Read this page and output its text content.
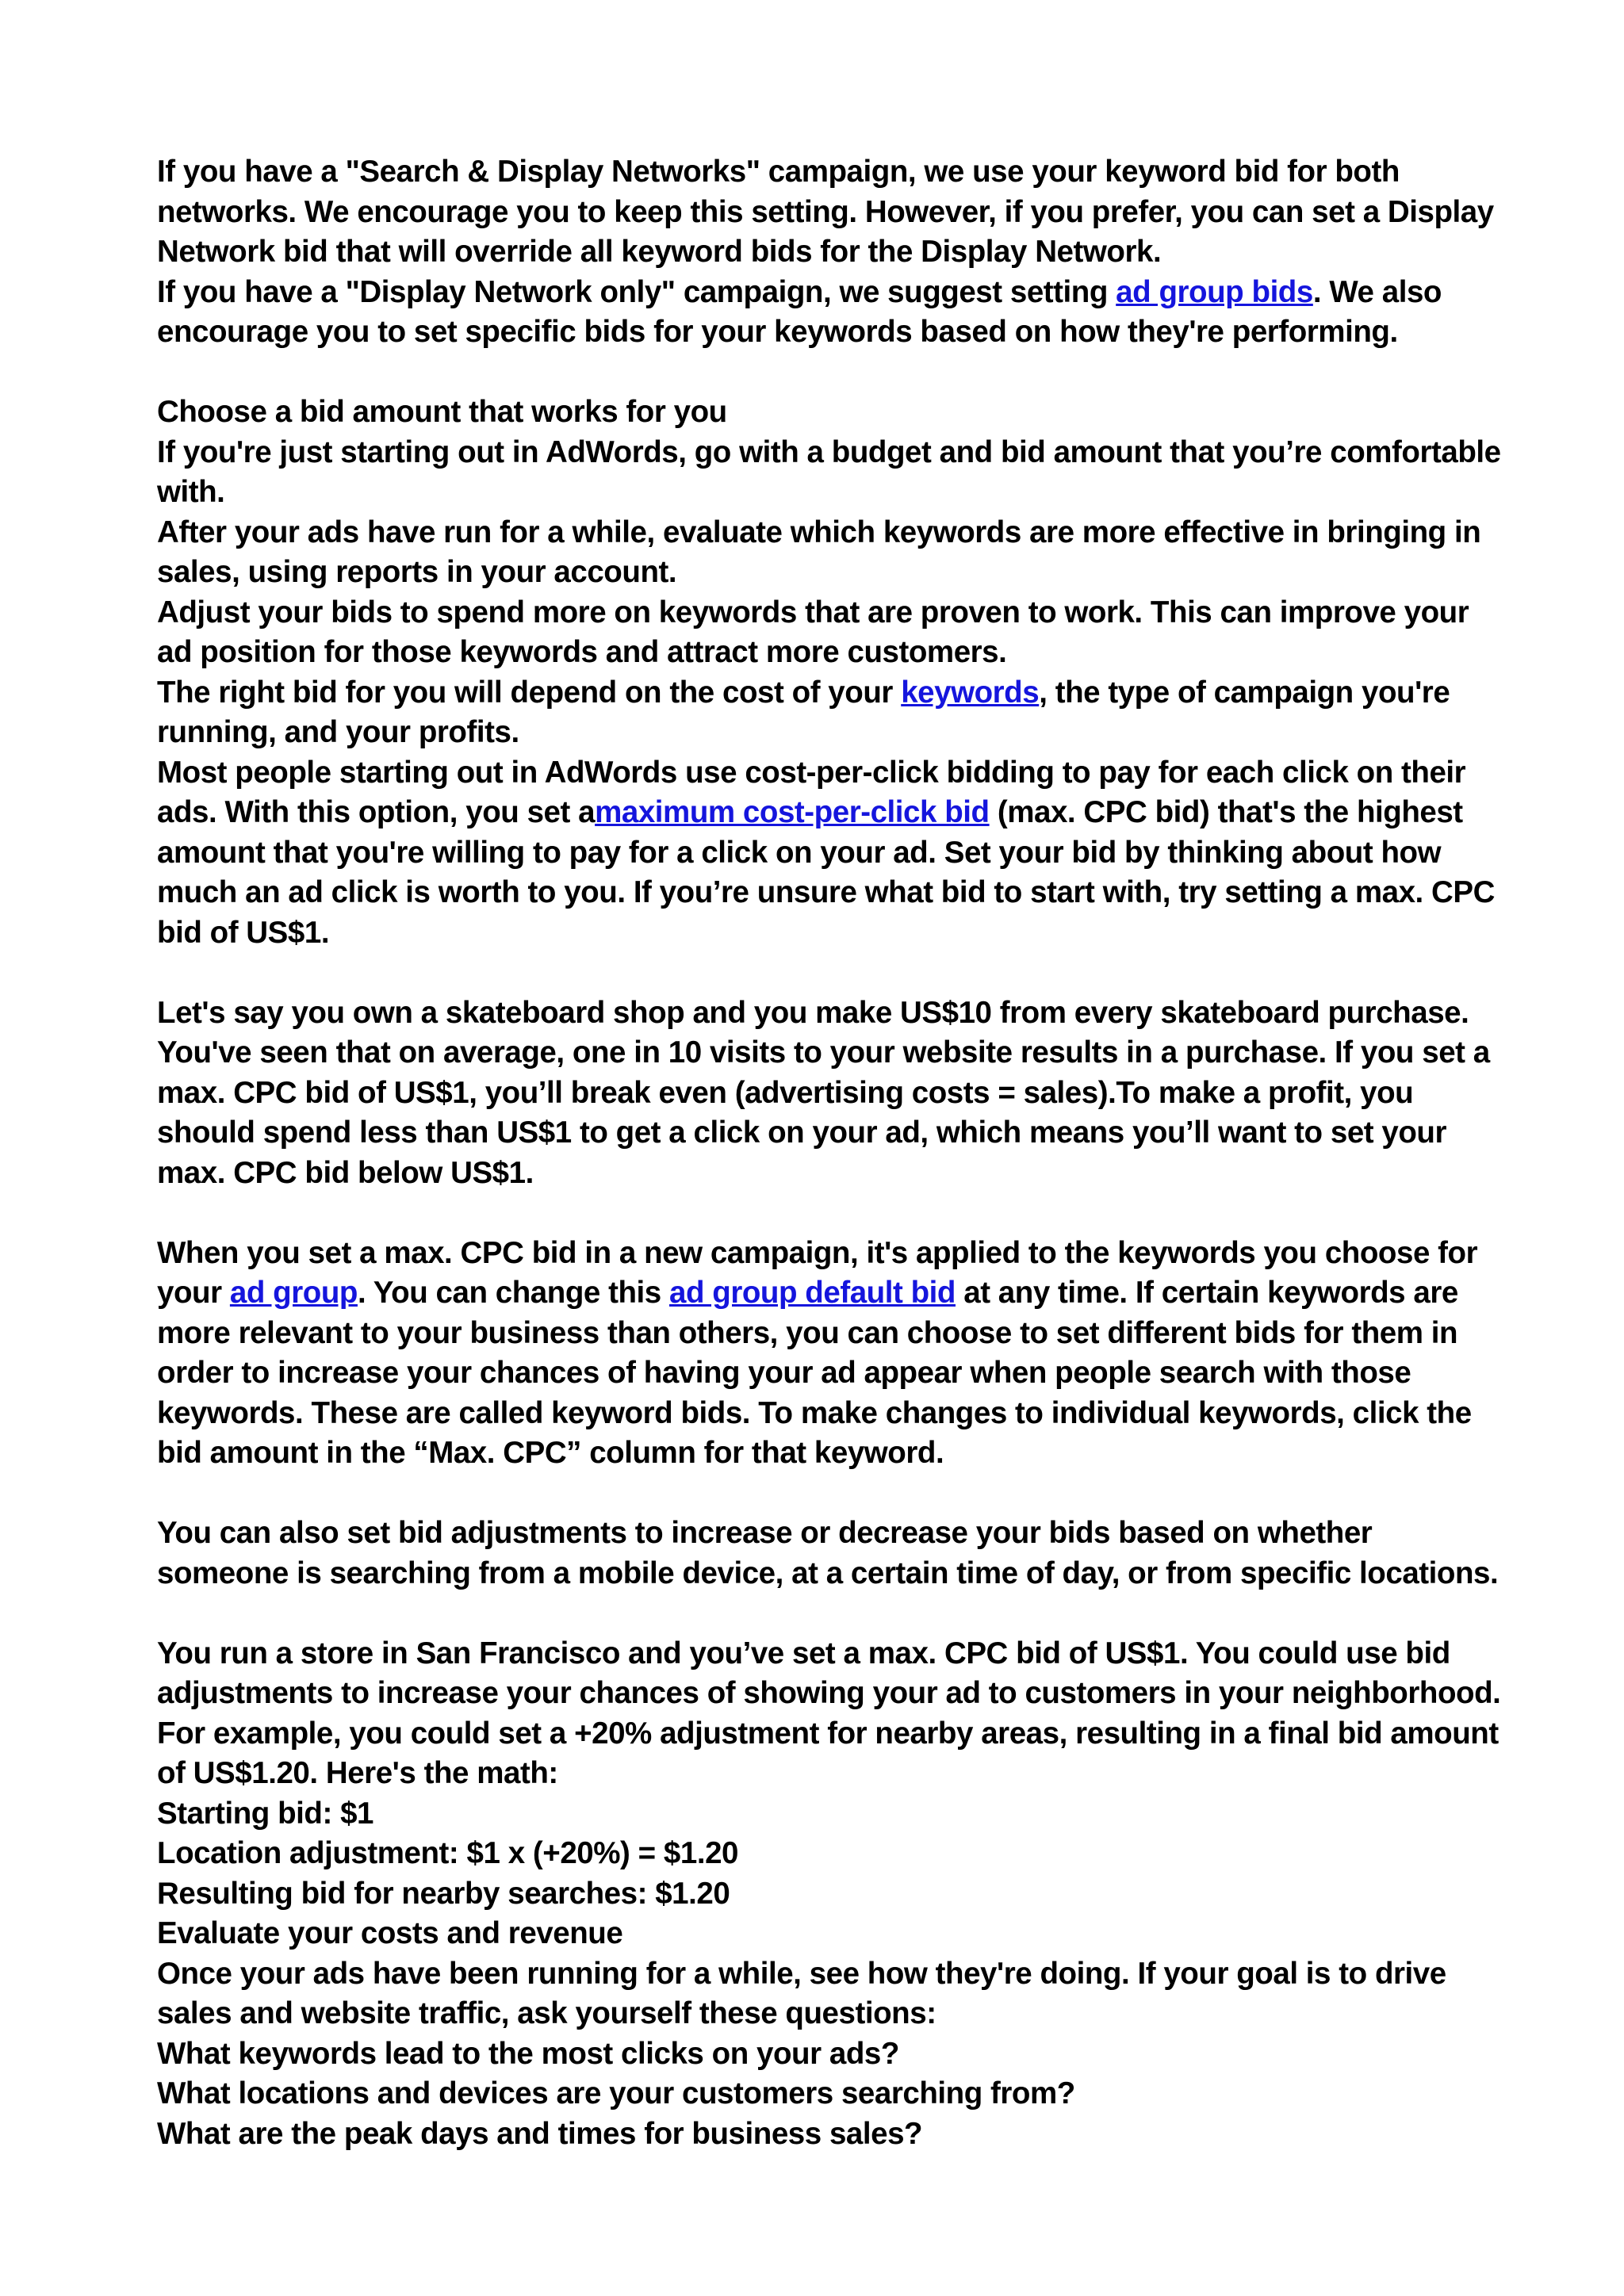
If you have a "Search & Display Networks" campaign, we use your keyword bid for both networks. We encourage you to keep this setting. However, if you prefer, you can set a Display Network bid that will override all keyword bids for the Display Network.

If you have a "Display Network only" campaign, we suggest setting ad group bids. We also encourage you to set specific bids for your keywords based on how they're performing.

Choose a bid amount that works for you

If you're just starting out in AdWords, go with a budget and bid amount that you’re comfortable with.

After your ads have run for a while, evaluate which keywords are more effective in bringing in sales, using reports in your account.

Adjust your bids to spend more on keywords that are proven to work. This can improve your ad position for those keywords and attract more customers.

The right bid for you will depend on the cost of your keywords, the type of campaign you're running, and your profits.

Most people starting out in AdWords use cost-per-click bidding to pay for each click on their ads. With this option, you set amaximum cost-per-click bid (max. CPC bid) that's the highest amount that you're willing to pay for a click on your ad. Set your bid by thinking about how much an ad click is worth to you. If you’re unsure what bid to start with, try setting a max. CPC bid of US$1.

Let's say you own a skateboard shop and you make US$10 from every skateboard purchase. You've seen that on average, one in 10 visits to your website results in a purchase. If you set a max. CPC bid of US$1, you’ll break even (advertising costs = sales).To make a profit, you should spend less than US$1 to get a click on your ad, which means you’ll want to set your max. CPC bid below US$1.

When you set a max. CPC bid in a new campaign, it's applied to the keywords you choose for your ad group. You can change this ad group default bid at any time. If certain keywords are more relevant to your business than others, you can choose to set different bids for them in order to increase your chances of having your ad appear when people search with those keywords. These are called keyword bids. To make changes to individual keywords, click the bid amount in the “Max. CPC” column for that keyword.

You can also set bid adjustments to increase or decrease your bids based on whether someone is searching from a mobile device, at a certain time of day, or from specific locations.

You run a store in San Francisco and you’ve set a max. CPC bid of US$1. You could use bid adjustments to increase your chances of showing your ad to customers in your neighborhood. For example, you could set a +20% adjustment for nearby areas, resulting in a final bid amount of US$1.20. Here's the math:

Starting bid: $1

Location adjustment: $1 x (+20%) = $1.20

Resulting bid for nearby searches: $1.20

Evaluate your costs and revenue

Once your ads have been running for a while, see how they're doing. If your goal is to drive sales and website traffic, ask yourself these questions:

What keywords lead to the most clicks on your ads?

What locations and devices are your customers searching from?

What are the peak days and times for business sales?
